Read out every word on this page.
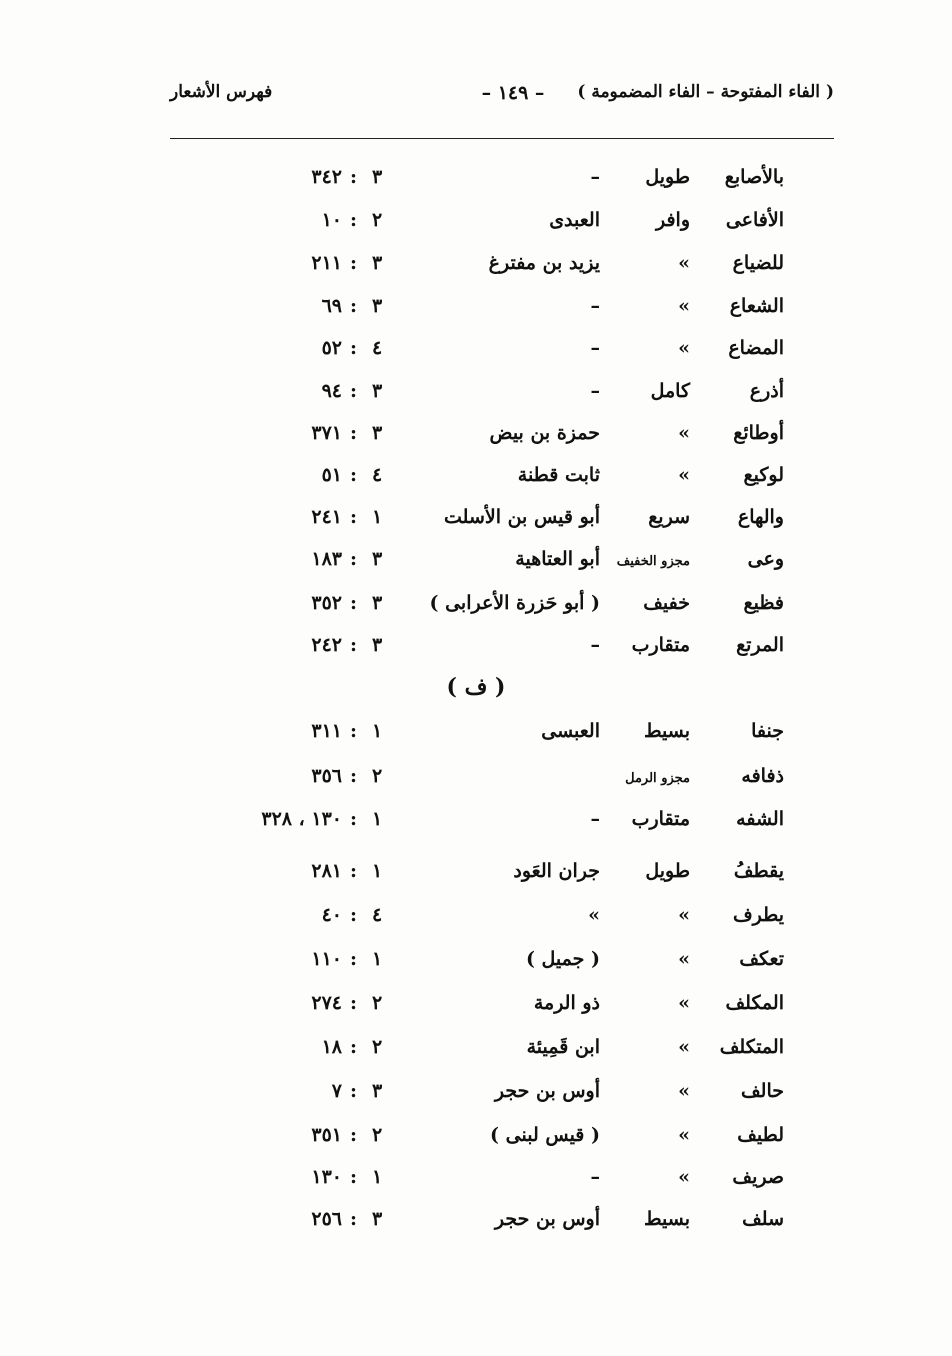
( الفاء المفتوحة – الفاء المضمومة )
– ١٤٩ –
فهرس الأشعار
بالأصابع
طويل
–
٣
:
٣٤٢
الأفاعى
وافر
العبدى
٢
:
١٠
للضياع
»
يزيد بن مفترغ
٣
:
٢١١
الشعاع
»
–
٣
:
٦٩
المضاع
»
–
٤
:
٥٢
أذرع
كامل
–
٣
:
٩٤
أوطائع
»
حمزة بن بيض
٣
:
٣٧١
لوكيع
»
ثابت قطنة
٤
:
٥١
والهاع
سريع
أبو قيس بن الأسلت
١
:
٢٤١
وعى
مجزو الخفيف
أبو العتاهية
٣
:
١٨٣
فظيع
خفيف
( أبو حَزرة الأعرابى )
٣
:
٣٥٢
المرتع
متقارب
–
٣
:
٢٤٢
( ف )
جنفا
بسيط
العبسى
١
:
٣١١
ذفافه
مجزو الرمل
٢
:
٣٥٦
الشفه
متقارب
–
١
:
١٣٠ ، ٣٢٨
يقطفُ
طويل
جران العَود
١
:
٢٨١
يطرف
»
»
٤
:
٤٠
تعكف
»
( جميل )
١
:
١١٠
المكلف
»
ذو الرمة
٢
:
٢٧٤
المتكلف
»
ابن قَمِيئة
٢
:
١٨
حالف
»
أوس بن حجر
٣
:
٧
لطيف
»
( قيس لبنى )
٢
:
٣٥١
صريف
»
–
١
:
١٣٠
سلف
بسيط
أوس بن حجر
٣
:
٢٥٦
